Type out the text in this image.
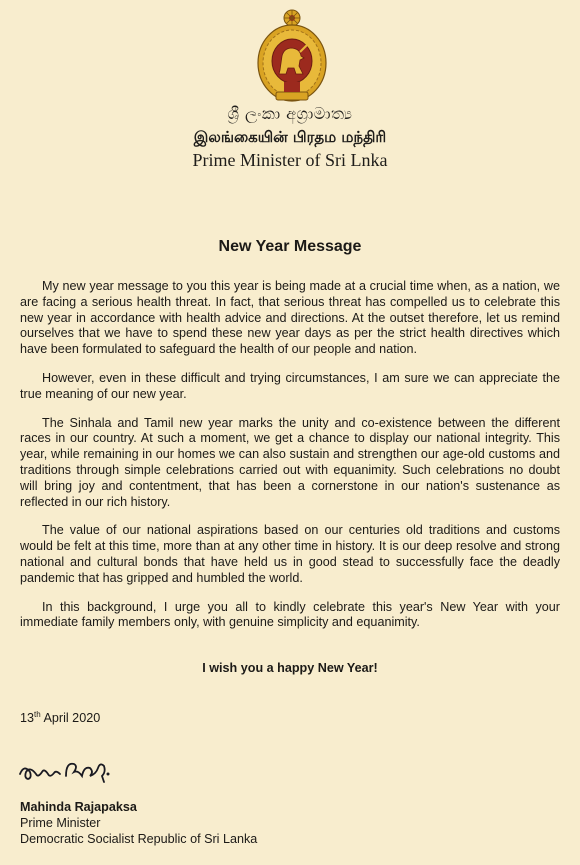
ශ්‍රී ලංකා අග්‍රාමාත්‍ය
இலங்கையின் பிரதம மந்திரி
Prime Minister of Sri Lnka
New Year Message

My new year message to you this year is being made at a crucial time when, as a nation, we are facing a serious health threat. In fact, that serious threat has compelled us to celebrate this new year in accordance with health advice and directions. At the outset therefore, let us remind ourselves that we have to spend these new year days as per the strict health directives which have been formulated to safeguard the health of our people and nation.

However, even in these difficult and trying circumstances, I am sure we can appreciate the true meaning of our new year.

The Sinhala and Tamil new year marks the unity and co-existence between the different races in our country. At such a moment, we get a chance to display our national integrity. This year, while remaining in our homes we can also sustain and strengthen our age-old customs and traditions through simple celebrations carried out with equanimity. Such celebrations no doubt will bring joy and contentment, that has been a cornerstone in our nation's sustenance as reflected in our rich history.

The value of our national aspirations based on our centuries old traditions and customs would be felt at this time, more than at any other time in history. It is our deep resolve and strong national and cultural bonds that have held us in good stead to successfully face the deadly pandemic that has gripped and humbled the world.

In this background, I urge you all to kindly celebrate this year's New Year with your immediate family members only, with genuine simplicity and equanimity.

I wish you a happy New Year!
13th April 2020
Mahinda Rajapaksa
Prime Minister
Democratic Socialist Republic of Sri Lanka
